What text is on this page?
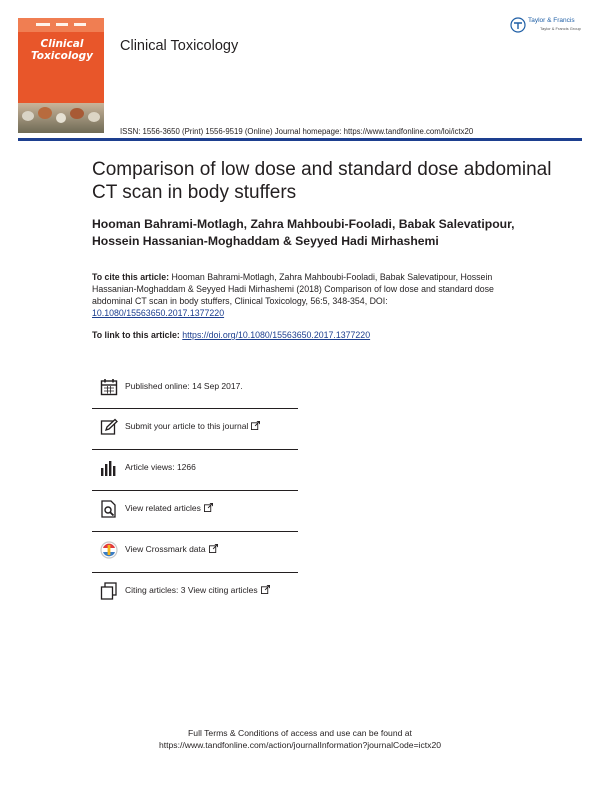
Clinical
Toxicology
Clinical Toxicology
Taylor & Francis
Taylor & Francis Group
ISSN: 1556-3650 (Print) 1556-9519 (Online) Journal homepage: https://www.tandfonline.com/loi/ictx20
Comparison of low dose and standard dose abdominal CT scan in body stuffers
Hooman Bahrami-Motlagh, Zahra Mahboubi-Fooladi, Babak Salevatipour,
Hossein Hassanian-Moghaddam & Seyyed Hadi Mirhashemi
To cite this article: Hooman Bahrami-Motlagh, Zahra Mahboubi-Fooladi, Babak Salevatipour, Hossein Hassanian-Moghaddam & Seyyed Hadi Mirhashemi (2018) Comparison of low dose and standard dose abdominal CT scan in body stuffers, Clinical Toxicology, 56:5, 348-354, DOI: 10.1080/15563650.2017.1377220
To link to this article: https://doi.org/10.1080/15563650.2017.1377220
Published online: 14 Sep 2017.
Submit your article to this journal
Article views: 1266
View related articles
View Crossmark data
Citing articles: 3 View citing articles
Full Terms & Conditions of access and use can be found at
https://www.tandfonline.com/action/journalInformation?journalCode=ictx20
